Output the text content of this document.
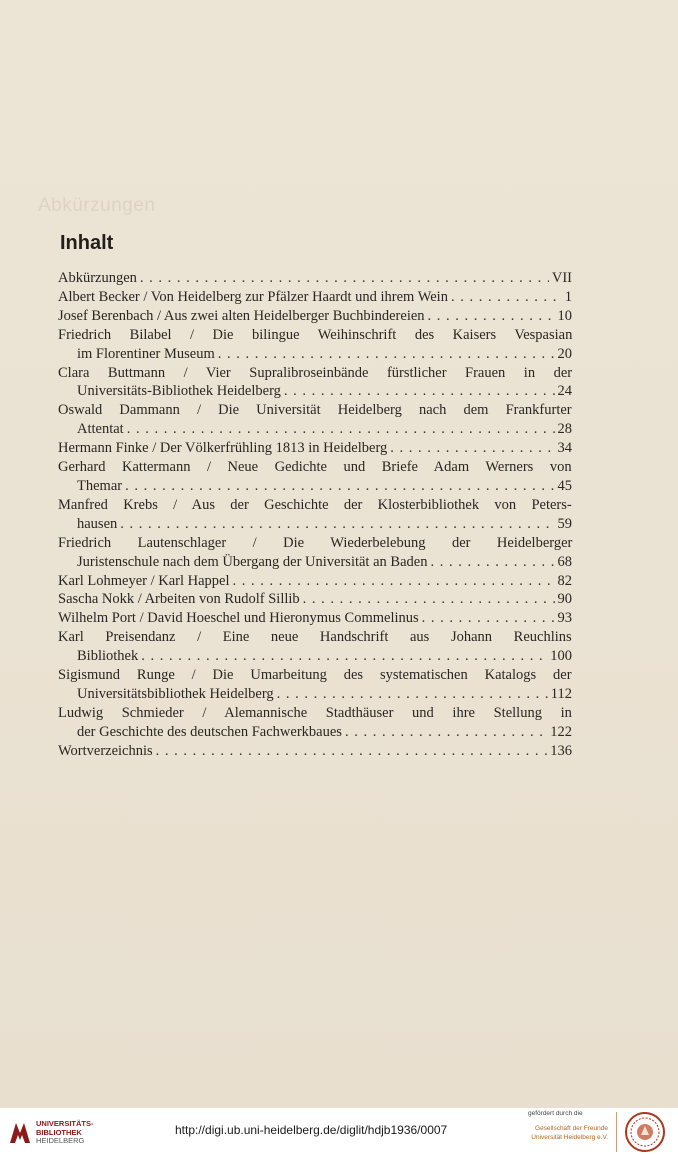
Abkürzungen
Inhalt
Abkürzungen . . .	VII
Albert Becker / Von Heidelberg zur Pfälzer Haardt und ihrem Wein . . .	1
Josef Berenbach / Aus zwei alten Heidelberger Buchbindereien . . .	10
Friedrich Bilabel / Die bilingue Weihinschrift des Kaisers Vespasian
im Florentiner Museum . . .	20
Clara Buttmann / Vier Supralibroseinbände fürstlicher Frauen in der
Universitäts-Bibliothek Heidelberg . . .	24
Oswald Dammann / Die Universität Heidelberg nach dem Frankfurter
Attentat . . .	28
Hermann Finke / Der Völkerfrühling 1813 in Heidelberg . . .	34
Gerhard Kattermann / Neue Gedichte und Briefe Adam Werners von
Themar . . .	45
Manfred Krebs / Aus der Geschichte der Klosterbibliothek von Peters-
hausen . . .	59
Friedrich Lautenschlager / Die Wiederbelebung der Heidelberger
Juristenschule nach dem Übergang der Universität an Baden . . .	68
Karl Lohmeyer / Karl Happel . . .	82
Sascha Nokk / Arbeiten von Rudolf Sillib . . .	90
Wilhelm Port / David Hoeschel und Hieronymus Commelinus . . .	93
Karl Preisendanz / Eine neue Handschrift aus Johann Reuchlins
Bibliothek . . .	100
Sigismund Runge / Die Umarbeitung des systematischen Katalogs der
Universitätsbibliothek Heidelberg . . .	112
Ludwig Schmieder / Alemannische Stadthäuser und ihre Stellung in
der Geschichte des deutschen Fachwerkbaues . . .	122
Wortverzeichnis . . .	136
UNIVERSITÄTS-
BIBLIOTHEK
HEIDELBERG
http://digi.ub.uni-heidelberg.de/diglit/hdjb1936/0007
gefördert durch die
Gesellschaft der Freunde
Universität Heidelberg e.V.
